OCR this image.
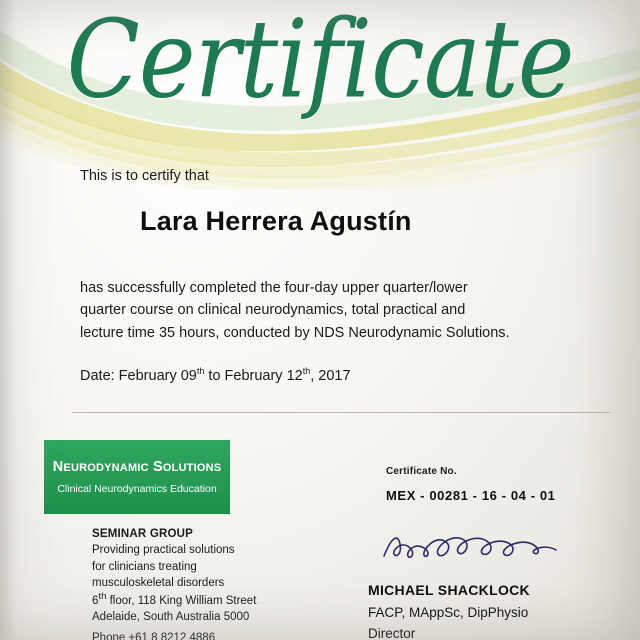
Certificate

This is to certify that

Lara Herrera Agustín

has successfully completed the four-day upper quarter/lower quarter course on clinical neurodynamics, total practical and lecture time 35 hours, conducted by NDS Neurodynamic Solutions.

Date: February 09th to February 12th, 2017

NEURODYNAMIC SOLUTIONS
Clinical Neurodynamics Education
SEMINAR GROUP
Providing practical solutions
for clinicians treating
musculoskeletal disorders
6th floor, 118 King William Street
Adelaide, South Australia 5000
Phone +61 8 8212 4886
Certificate No.
MEX - 00281 - 16 - 04 - 01
MICHAEL SHACKLOCK
FACP, MAppSc, DipPhysio
Director
